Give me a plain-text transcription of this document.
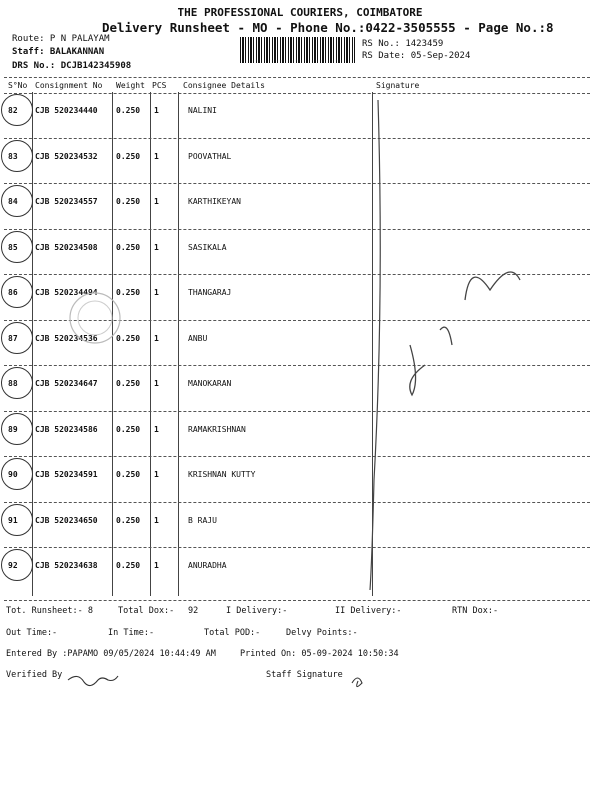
THE PROFESSIONAL COURIERS, COIMBATORE
Delivery Runsheet - MO - Phone No.:0422-3505555 - Page No.:8
Route: P N PALAYAM
Staff: BALAKANNAN
DRS No.: DCJB142345908
RS No.: 1423459
RS Date: 05-Sep-2024
S°No Consignment No Weight PCS Consignee Details	Signature
82 CJB 520234440 0.250 1	NALINI
83 CJB 520234532 0.250 1	POOVATHAL
84 CJB 520234557 0.250 1	KARTHIKEYAN
85 CJB 520234508 0.250 1	SASIKALA
86 CJB 520234494 0.250 1	THANGARAJ
87 CJB 520234536 0.250 1	ANBU
88 CJB 520234647 0.250 1	MANOKARAN
89 CJB 520234586 0.250 1	RAMAKRISHNAN
90 CJB 520234591 0.250 1	KRISHNAN KUTTY
91 CJB 520234650 0.250 1	B RAJU
92 CJB 520234638 0.250 1	ANURADHA
Tot. Runsheet:- 8	Total Dox:- 92	I Delivery:-	II Delivery:-	RTN Dox:-
Out Time:-	In Time:-	Total POD:-	Delvy Points:-
Entered By :PAPAMO 09/05/2024 10:44:49 AM	Printed On: 05-09-2024 10:50:34
Verified By	Staff Signature
